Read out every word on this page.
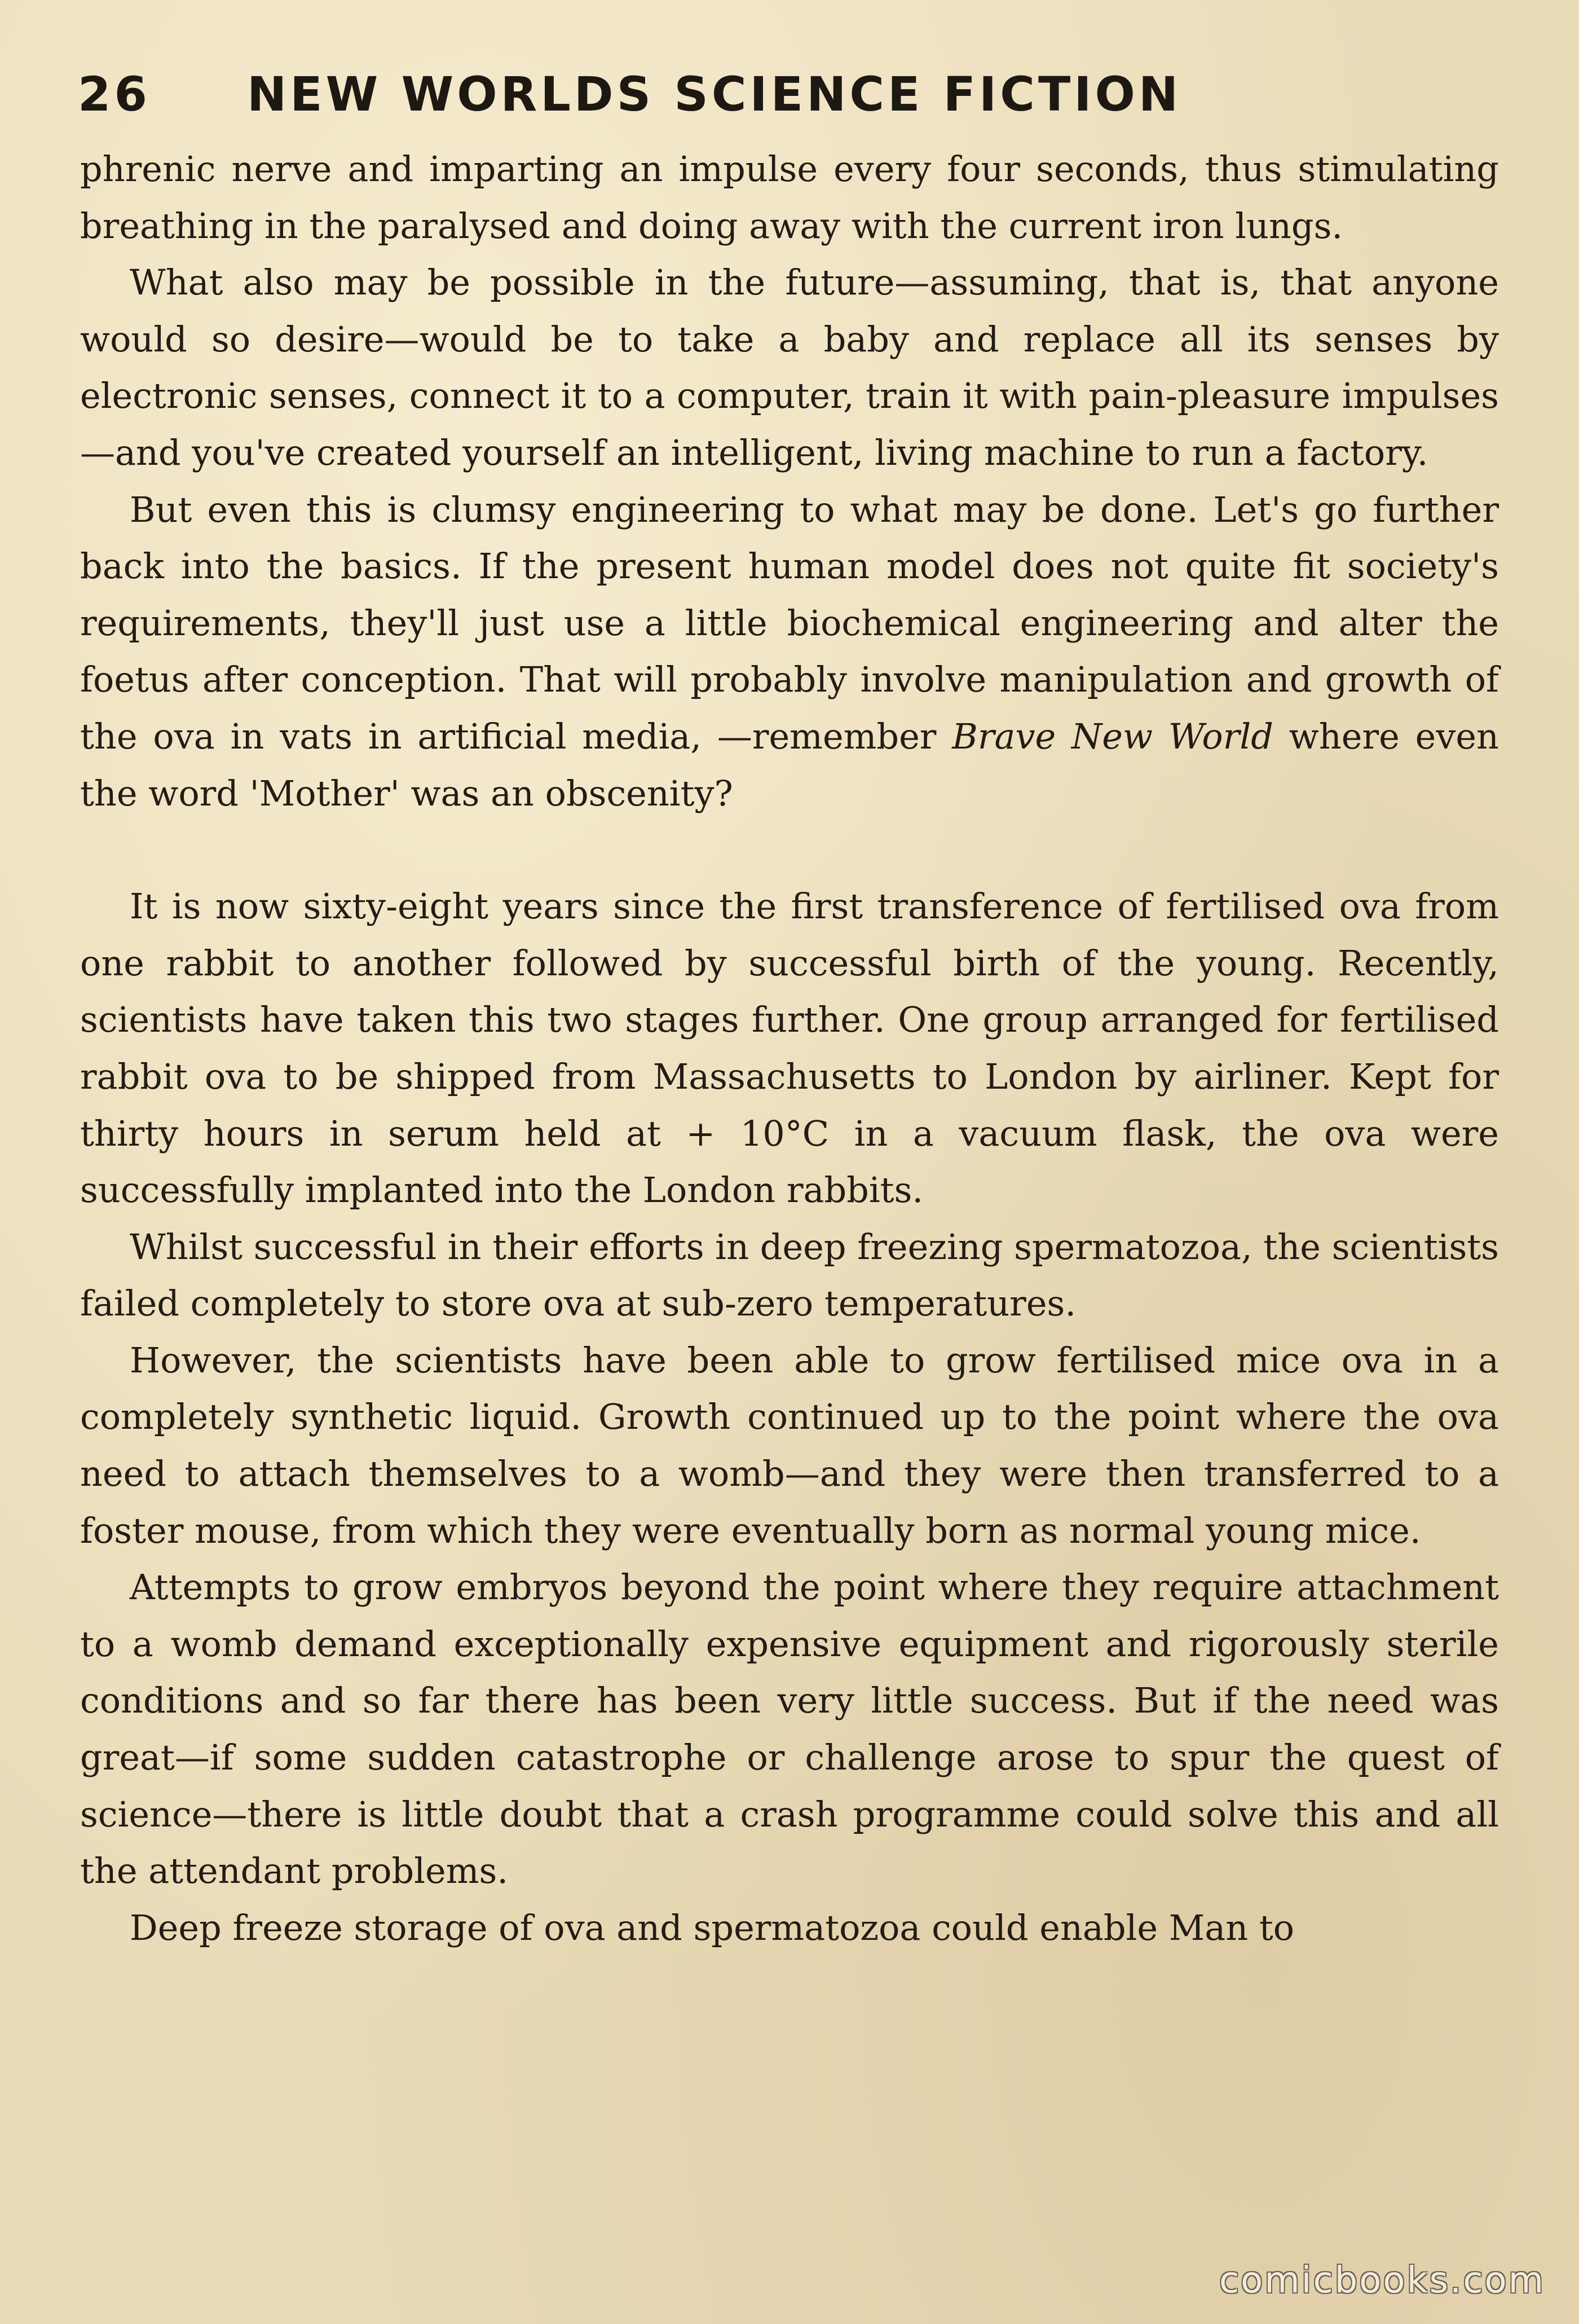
26 NEW WORLDS SCIENCE FICTION

phrenic nerve and imparting an impulse every four seconds, thus stimulating breathing in the paralysed and doing away with the current iron lungs.

What also may be possible in the future—assuming, that is, that anyone would so desire—would be to take a baby and replace all its senses by electronic senses, connect it to a computer, train it with pain-pleasure impulses—and you've created yourself an intelligent, living machine to run a factory.

But even this is clumsy engineering to what may be done. Let's go further back into the basics. If the present human model does not quite fit society's requirements, they'll just use a little biochemical engineering and alter the foetus after conception. That will probably involve manipulation and growth of the ova in vats in artificial media, —remember Brave New World where even the word 'Mother' was an obscenity?

It is now sixty-eight years since the first transference of fertilised ova from one rabbit to another followed by successful birth of the young. Recently, scientists have taken this two stages further. One group arranged for fertilised rabbit ova to be shipped from Massachusetts to London by airliner. Kept for thirty hours in serum held at + 10°C in a vacuum flask, the ova were successfully implanted into the London rabbits.

Whilst successful in their efforts in deep freezing spermatozoa, the scientists failed completely to store ova at sub-zero temperatures.

However, the scientists have been able to grow fertilised mice ova in a completely synthetic liquid. Growth continued up to the point where the ova need to attach themselves to a womb—and they were then transferred to a foster mouse, from which they were eventually born as normal young mice.

Attempts to grow embryos beyond the point where they require attachment to a womb demand exceptionally expensive equipment and rigorously sterile conditions and so far there has been very little success. But if the need was great—if some sudden catastrophe or challenge arose to spur the quest of science—there is little doubt that a crash programme could solve this and all the attendant problems.

Deep freeze storage of ova and spermatozoa could enable Man to

comicbooks.com
